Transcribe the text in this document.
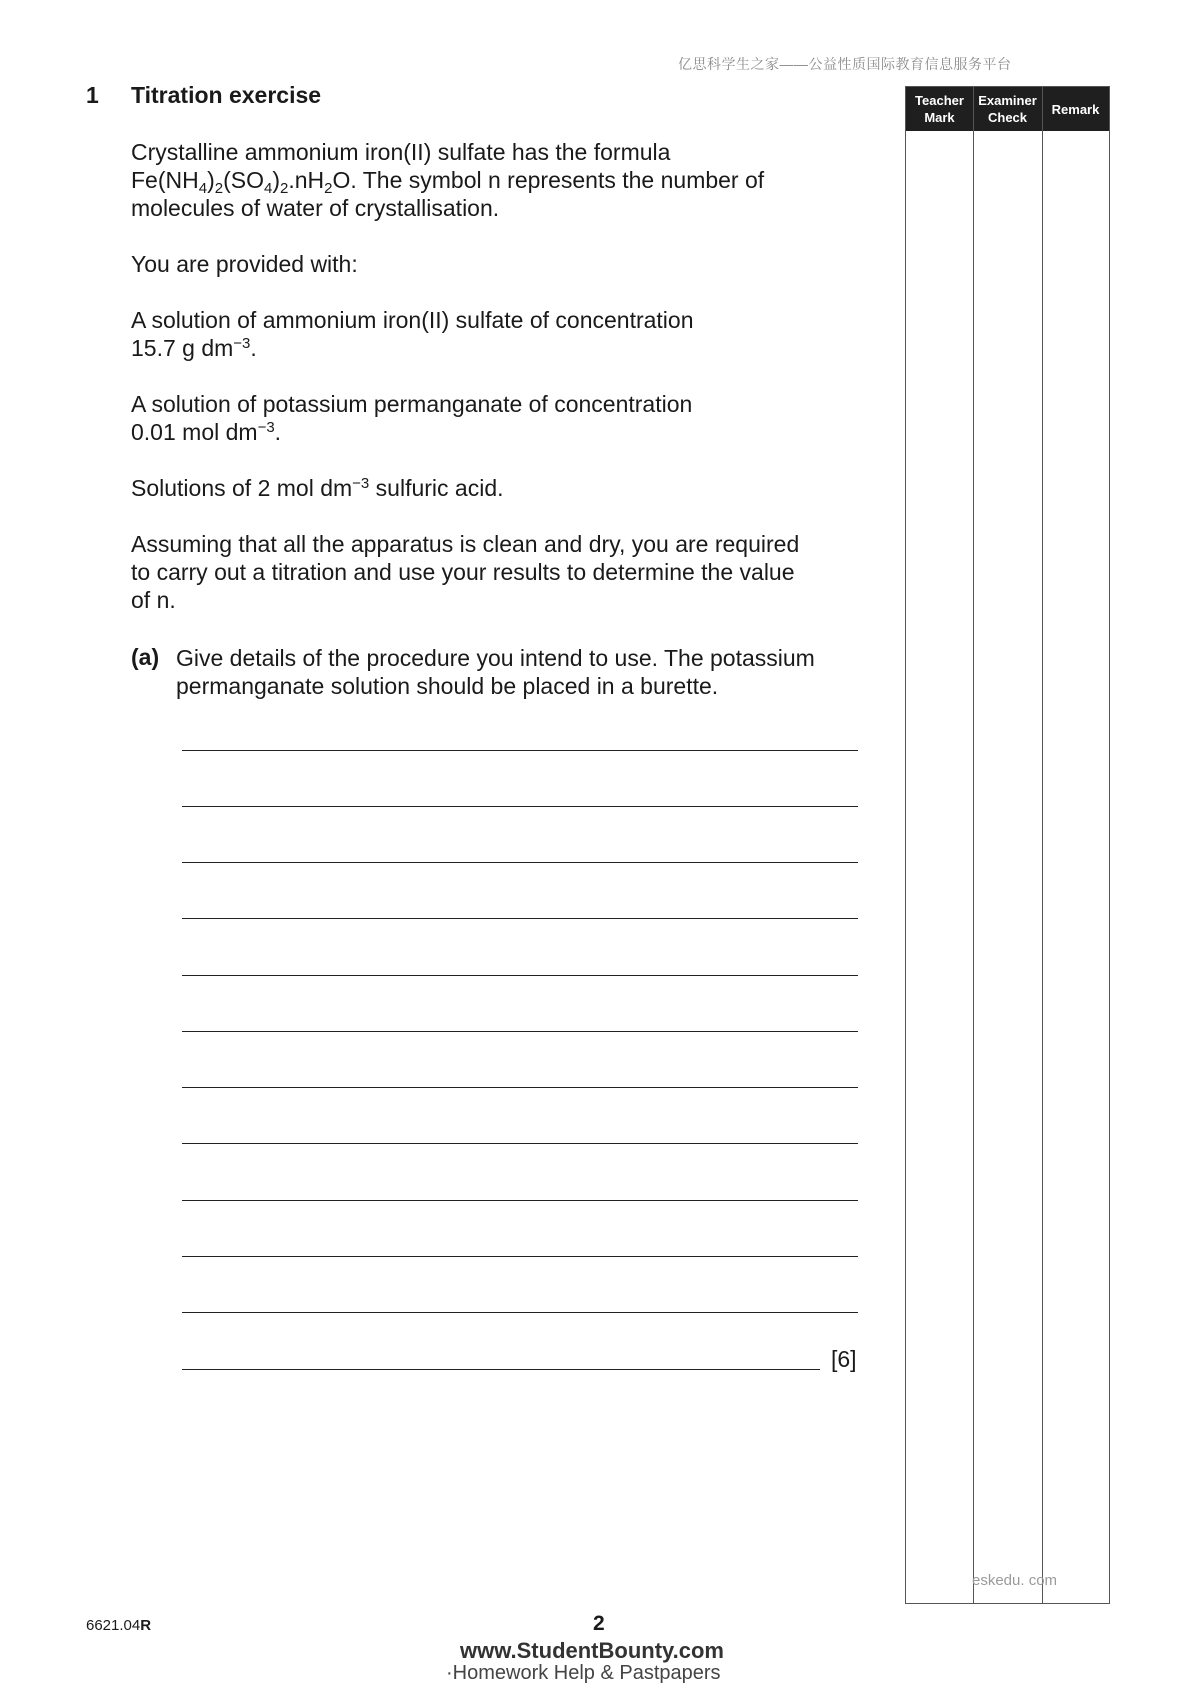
亿思科学生之家——公益性质国际教育信息服务平台
1 Titration exercise
Crystalline ammonium iron(II) sulfate has the formula
$Fe(NH_4)_2(SO_4)_2.nH_2O$. The symbol n represents the number of
molecules of water of crystallisation.
You are provided with:
A solution of ammonium iron(II) sulfate of concentration
15.7 g $dm^{-3}$.
A solution of potassium permanganate of concentration
0.01 mol $dm^{-3}$.
Solutions of 2 mol $dm^{-3}$ sulfuric acid.
Assuming that all the apparatus is clean and dry, you are required
to carry out a titration and use your results to determine the value
of n.
(a) Give details of the procedure you intend to use. The potassium
permanganate solution should be placed in a burette.
[6]
Teacher Mark
Examiner Check
Remark
eskedu. com
6621.04R	2
www.StudentBounty.com
·Homework Help & Pastpapers
